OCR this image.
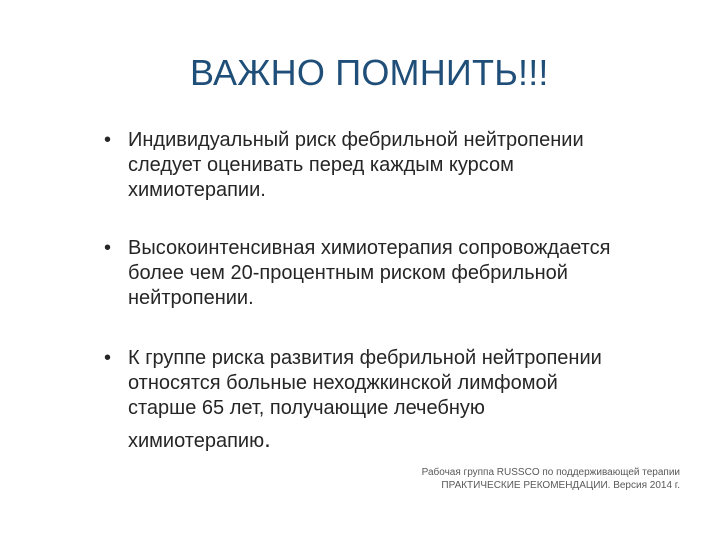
ВАЖНО ПОМНИТЬ!!!
• Индивидуальный риск фебрильной нейтропении
следует оценивать перед каждым курсом
химиотерапии.
• Высокоинтенсивная химиотерапия сопровождается
более чем 20-процентным риском фебрильной
нейтропении.
• К группе риска развития фебрильной нейтропении
относятся больные неходжкинской лимфомой
старше 65 лет, получающие лечебную
химиотерапию.
Рабочая группа RUSSCO по поддерживающей терапии
ПРАКТИЧЕСКИЕ РЕКОМЕНДАЦИИ. Версия 2014 г.
